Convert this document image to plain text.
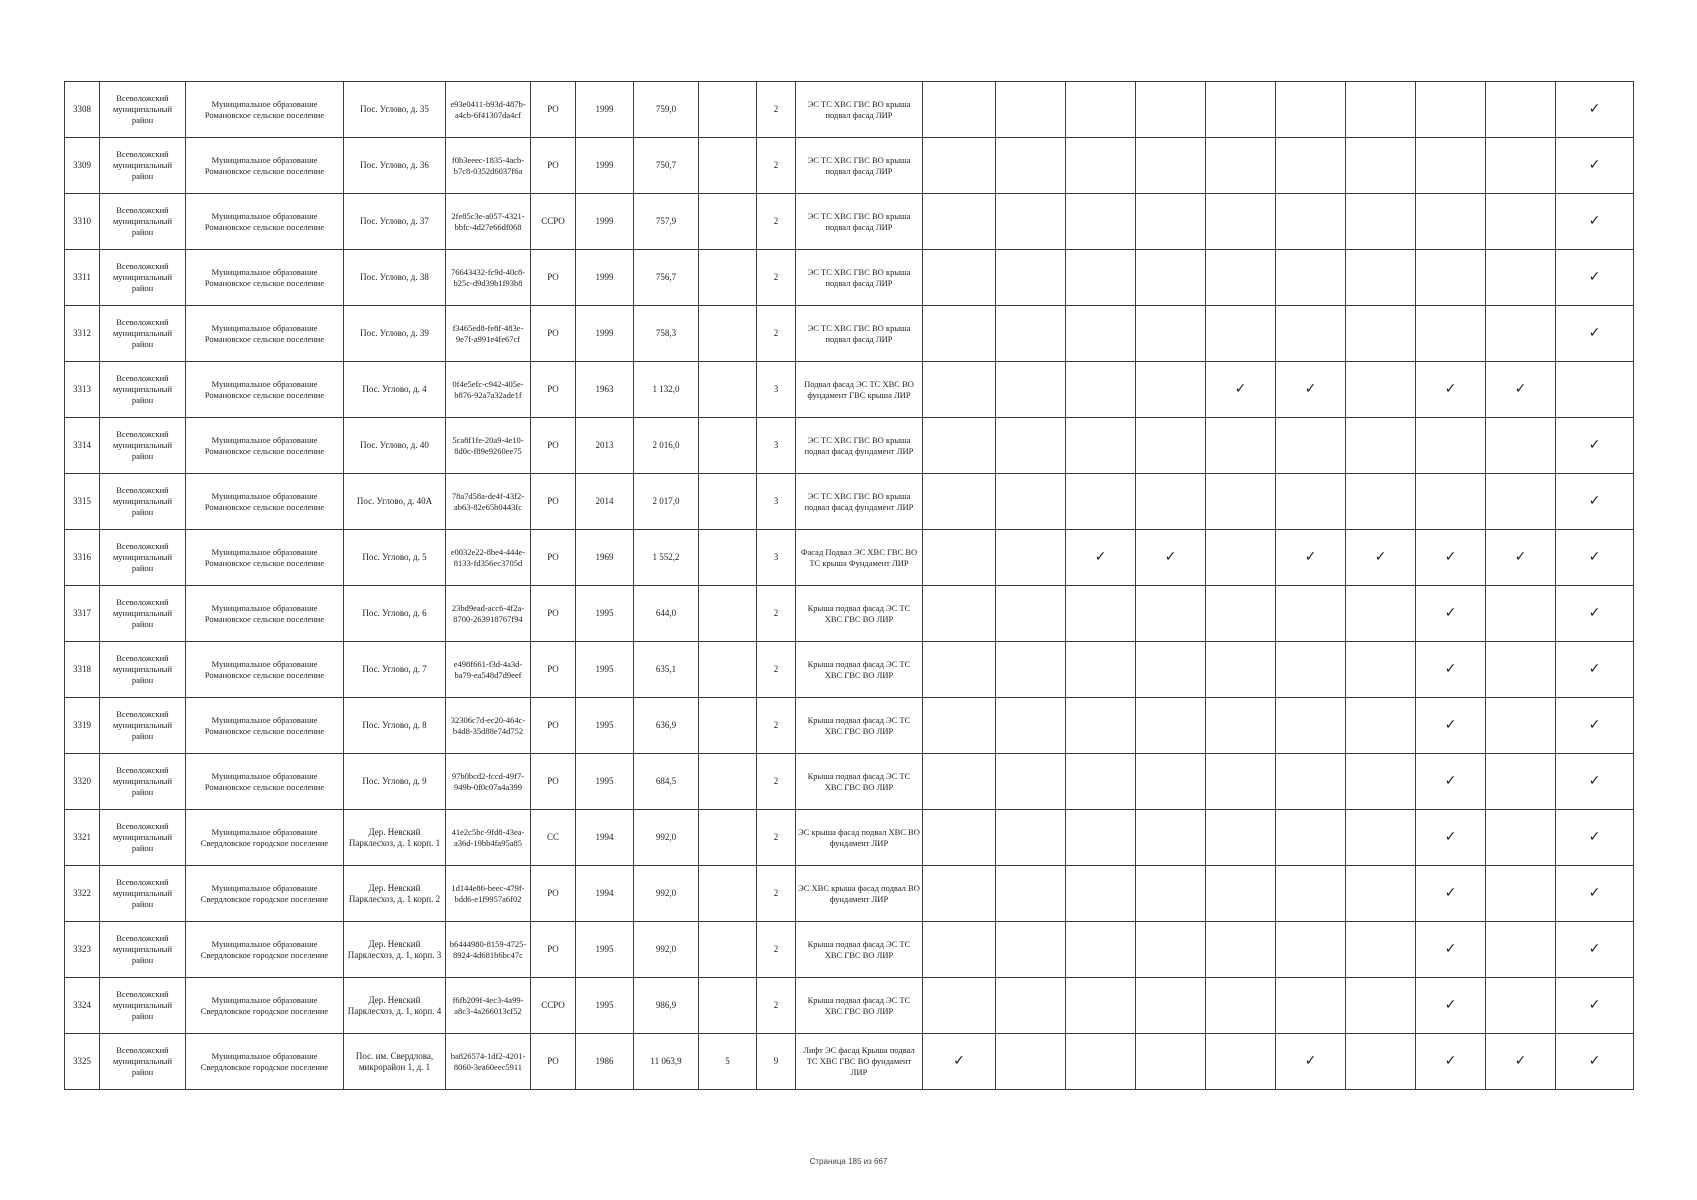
3308	Всеволожский муниципальный район	Муниципальное образование Романовское сельское поселение	Пос. Углово, д. 35	e93e0411-b93d-487b-a4cb-6f41307da4cf	РО	1999	759,0		2	ЭС ТС ХВС ГВС ВО крыша подвал фасад ЛИР										✓
3309	Всеволожский муниципальный район	Муниципальное образование Романовское сельское поселение	Пос. Углово, д. 36	f0b3eeec-1835-4acb-b7c8-0352d6037f6a	РО	1999	750,7		2	ЭС ТС ХВС ГВС ВО крыша подвал фасад ЛИР										✓
3310	Всеволожский муниципальный район	Муниципальное образование Романовское сельское поселение	Пос. Углово, д. 37	2fe85c3e-a057-4321-bbfc-4d27e66df068	ССРО	1999	757,9		2	ЭС ТС ХВС ГВС ВО крыша подвал фасад ЛИР										✓
3311	Всеволожский муниципальный район	Муниципальное образование Романовское сельское поселение	Пос. Углово, д. 38	76643432-fc9d-40c8-b25c-d9d39b1f93b8	РО	1999	756,7		2	ЭС ТС ХВС ГВС ВО крыша подвал фасад ЛИР										✓
3312	Всеволожский муниципальный район	Муниципальное образование Романовское сельское поселение	Пос. Углово, д. 39	f3465ed8-fe8f-483e-9e7f-a991e4fe67cf	РО	1999	758,3		2	ЭС ТС ХВС ГВС ВО крыша подвал фасад ЛИР										✓
3313	Всеволожский муниципальный район	Муниципальное образование Романовское сельское поселение	Пос. Углово, д. 4	0f4e5efc-c942-405e-b876-92a7a32ade1f	РО	1963	1 132,0		3	Подвал фасад ЭС ТС ХВС ВО фундамент ГВС крыша ЛИР					✓	✓		✓	✓	
3314	Всеволожский муниципальный район	Муниципальное образование Романовское сельское поселение	Пос. Углово, д. 40	5ca8f1fe-20a9-4e10-8d0c-f89e9260ee75	РО	2013	2 016,0		3	ЭС ТС ХВС ГВС ВО крыша подвал фасад фундамент ЛИР										✓
3315	Всеволожский муниципальный район	Муниципальное образование Романовское сельское поселение	Пос. Углово, д. 40А	78a7d58a-de4f-43f2-ab63-82e65b0443fc	РО	2014	2 017,0		3	ЭС ТС ХВС ГВС ВО крыша подвал фасад фундамент ЛИР										✓
3316	Всеволожский муниципальный район	Муниципальное образование Романовское сельское поселение	Пос. Углово, д. 5	e0032e22-8be4-444e-8133-fd356ec3705d	РО	1969	1 552,2		3	Фасад Подвал ЭС ХВС ГВС ВО ТС крыша Фундамент ЛИР			✓	✓		✓	✓	✓	✓	✓
3317	Всеволожский муниципальный район	Муниципальное образование Романовское сельское поселение	Пос. Углово, д. 6	23bd9ead-acc6-4f2a-8700-263918767f94	РО	1995	644,0		2	Крыша подвал фасад ЭС ТС ХВС ГВС ВО ЛИР								✓		✓
3318	Всеволожский муниципальный район	Муниципальное образование Романовское сельское поселение	Пос. Углово, д. 7	e498f661-f3d-4a3d-ba79-ea548d7d9eef	РО	1995	635,1		2	Крыша подвал фасад ЭС ТС ХВС ГВС ВО ЛИР								✓		✓
3319	Всеволожский муниципальный район	Муниципальное образование Романовское сельское поселение	Пос. Углово, д. 8	32306c7d-ec20-464c-b4d8-35d88e74d752	РО	1995	636,9		2	Крыша подвал фасад ЭС ТС ХВС ГВС ВО ЛИР								✓		✓
3320	Всеволожский муниципальный район	Муниципальное образование Романовское сельское поселение	Пос. Углово, д. 9	97b0bcd2-fccd-49f7-949b-0f0c07a4a399	РО	1995	684,5		2	Крыша подвал фасад ЭС ТС ХВС ГВС ВО ЛИР								✓		✓
3321	Всеволожский муниципальный район	Муниципальное образование Свердловское городское поселение	Дер. Невский Парклесхоз, д. 1 корп. 1	41e2c5bc-9fd8-43ea-a36d-19bb4fa95a85	СС	1994	992,0		2	ЭС крыша фасад подвал ХВС ВО фундамент ЛИР								✓		✓
3322	Всеволожский муниципальный район	Муниципальное образование Свердловское городское поселение	Дер. Невский Парклесхоз, д. 1 корп. 2	1d144e86-beec-479f-bdd6-e1f9957a6f02	РО	1994	992,0		2	ЭС ХВС крыша фасад подвал ВО фундамент ЛИР								✓		✓
3323	Всеволожский муниципальный район	Муниципальное образование Свердловское городское поселение	Дер. Невский Парклесхоз, д. 1, корп. 3	b6444980-8159-4725-8924-4d681b6bc47c	РО	1995	992,0		2	Крыша подвал фасад ЭС ТС ХВС ГВС ВО ЛИР								✓		✓
3324	Всеволожский муниципальный район	Муниципальное образование Свердловское городское поселение	Дер. Невский Парклесхоз, д. 1, корп. 4	f6fb209f-4ec3-4a99-a8c3-4a266013cf52	ССРО	1995	986,9		2	Крыша подвал фасад ЭС ТС ХВС ГВС ВО ЛИР								✓		✓
3325	Всеволожский муниципальный район	Муниципальное образование Свердловское городское поселение	Пос. им. Свердлова, микрорайон 1, д. 1	ba826574-1df2-4201-8060-3ea60eec5911	РО	1986	11 063,9	5	9	Лифт ЭС фасад Крыша подвал ТС ХВС ГВС ВО фундамент ЛИР	✓					✓		✓	✓	✓
Страница 185 из 667
